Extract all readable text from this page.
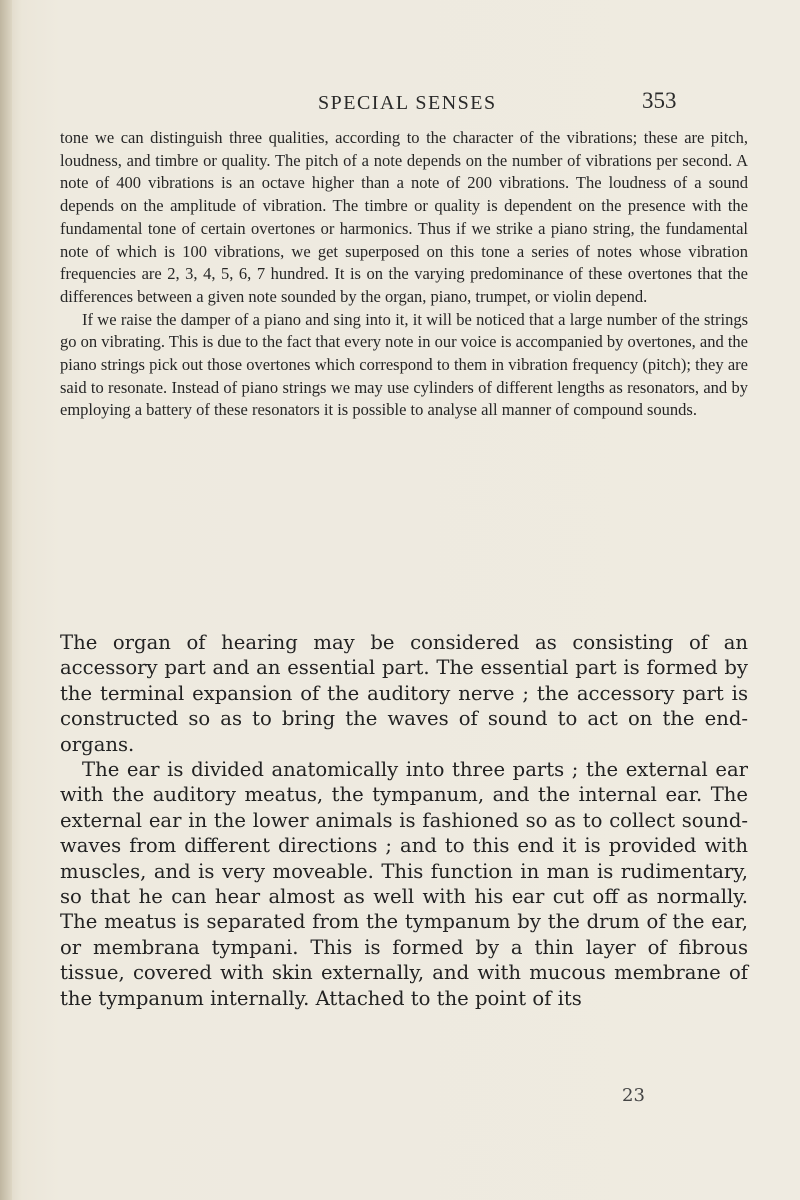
SPECIAL SENSES	353

tone we can distinguish three qualities, according to the character of the vibrations; these are pitch, loudness, and timbre or quality. The pitch of a note depends on the number of vibrations per second. A note of 400 vibrations is an octave higher than a note of 200 vibrations. The loudness of a sound depends on the amplitude of vibration. The timbre or quality is dependent on the presence with the fundamental tone of certain overtones or harmonics. Thus if we strike a piano string, the fundamental note of which is 100 vibrations, we get superposed on this tone a series of notes whose vibration frequencies are 2, 3, 4, 5, 6, 7 hundred. It is on the varying predominance of these overtones that the differences between a given note sounded by the organ, piano, trumpet, or violin depend.

If we raise the damper of a piano and sing into it, it will be noticed that a large number of the strings go on vibrating. This is due to the fact that every note in our voice is accompanied by overtones, and the piano strings pick out those overtones which correspond to them in vibration frequency (pitch); they are said to resonate. Instead of piano strings we may use cylinders of different lengths as resonators, and by employing a battery of these resonators it is possible to analyse all manner of compound sounds.

The organ of hearing may be considered as consisting of an accessory part and an essential part. The essential part is formed by the terminal expansion of the auditory nerve ; the accessory part is constructed so as to bring the waves of sound to act on the end-organs.

The ear is divided anatomically into three parts ; the external ear with the auditory meatus, the tympanum, and the internal ear. The external ear in the lower animals is fashioned so as to collect sound-waves from different directions ; and to this end it is provided with muscles, and is very moveable. This function in man is rudimentary, so that he can hear almost as well with his ear cut off as normally. The meatus is separated from the tympanum by the drum of the ear, or membrana tympani. This is formed by a thin layer of fibrous tissue, covered with skin externally, and with mucous membrane of the tympanum internally. Attached to the point of its

23
